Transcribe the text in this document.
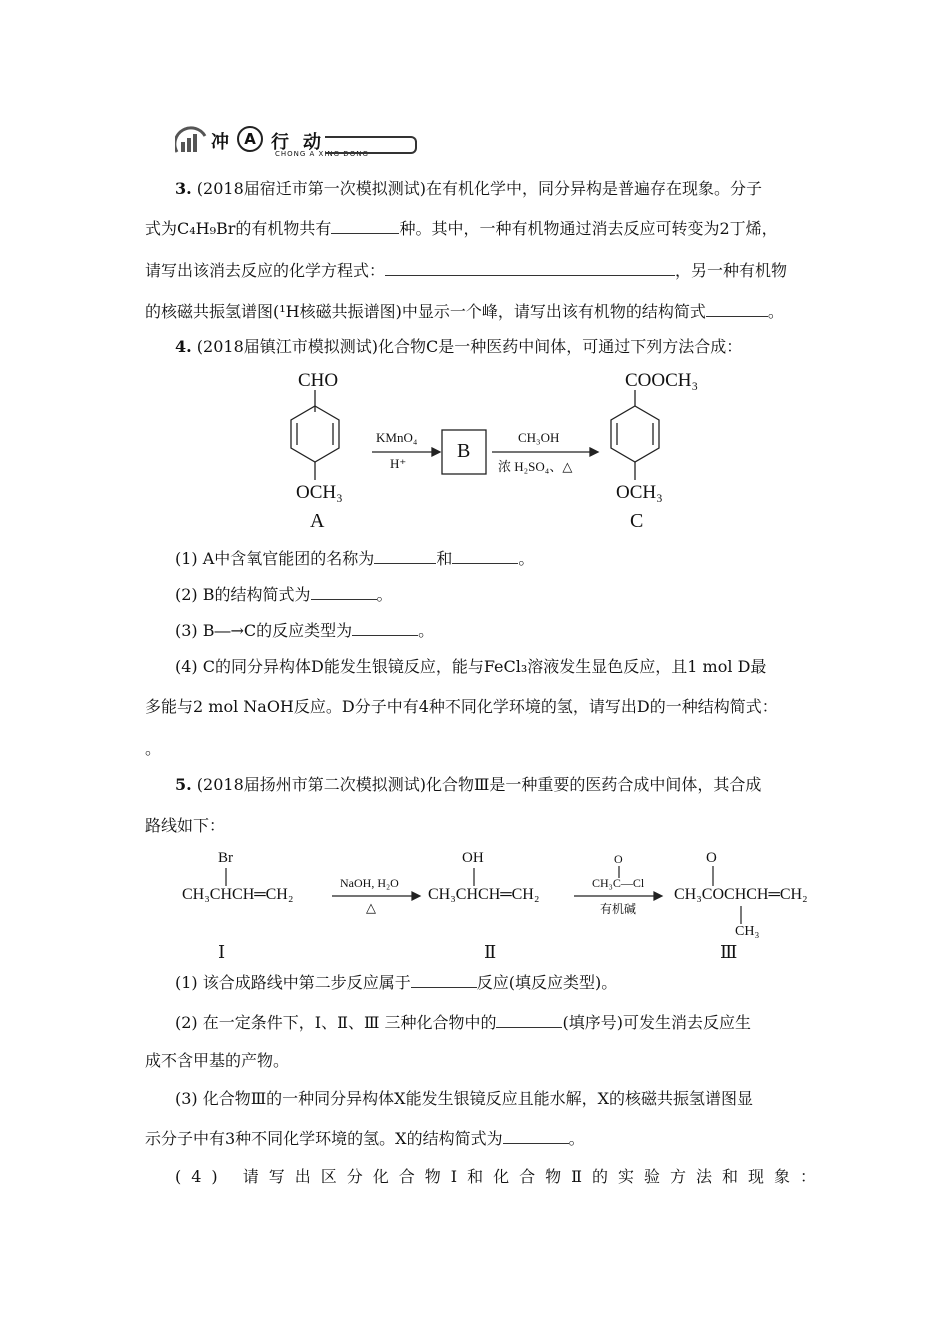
冲	A 行 动
CHONG A XING DONG
3. (2018届宿迁市第一次模拟测试)在有机化学中，同分异构是普遍存在现象。分子
式为C₄H₉Br的有机物共有	种。其中，一种有机物通过消去反应可转变为2丁烯，
请写出该消去反应的化学方程式：	，另一种有机物
的核磁共振氢谱图(¹H核磁共振谱图)中显示一个峰，请写出该有机物的结构简式	。
4. (2018届镇江市模拟测试)化合物C是一种医药中间体，可通过下列方法合成：
CHO
OCH₃
A
KMnO₄
H⁺
B
CH₃OH
浓 H₂SO₄、△
COOCH₃
OCH₃
C
(1) A中含氧官能团的名称为	和	。
(2) B的结构简式为	。
(3) B―→C的反应类型为	。
(4) C的同分异构体D能发生银镜反应，能与FeCl₃溶液发生显色反应，且1 mol D最
多能与2 mol NaOH反应。D分子中有4种不同化学环境的氢，请写出D的一种结构简式：
。
5. (2018届扬州市第二次模拟测试)化合物Ⅲ是一种重要的医药合成中间体，其合成
路线如下：
Br
CH₃CHCH═CH₂
Ⅰ
NaOH, H₂O
△
OH
CH₃CHCH═CH₂
Ⅱ
O
CH₃C—Cl
有机碱
O
CH₃COCHCH═CH₂
CH₃
Ⅲ
(1) 该合成路线中第二步反应属于	反应(填反应类型)。
(2) 在一定条件下，Ⅰ、Ⅱ、Ⅲ 三种化合物中的	(填序号)可发生消去反应生
成不含甲基的产物。
(3) 化合物Ⅲ的一种同分异构体X能发生银镜反应且能水解，X的核磁共振氢谱图显
示分子中有3种不同化学环境的氢。X的结构简式为	。
(4) 请写出区分化合物Ⅰ和化合物Ⅱ的实验方法和现象：
